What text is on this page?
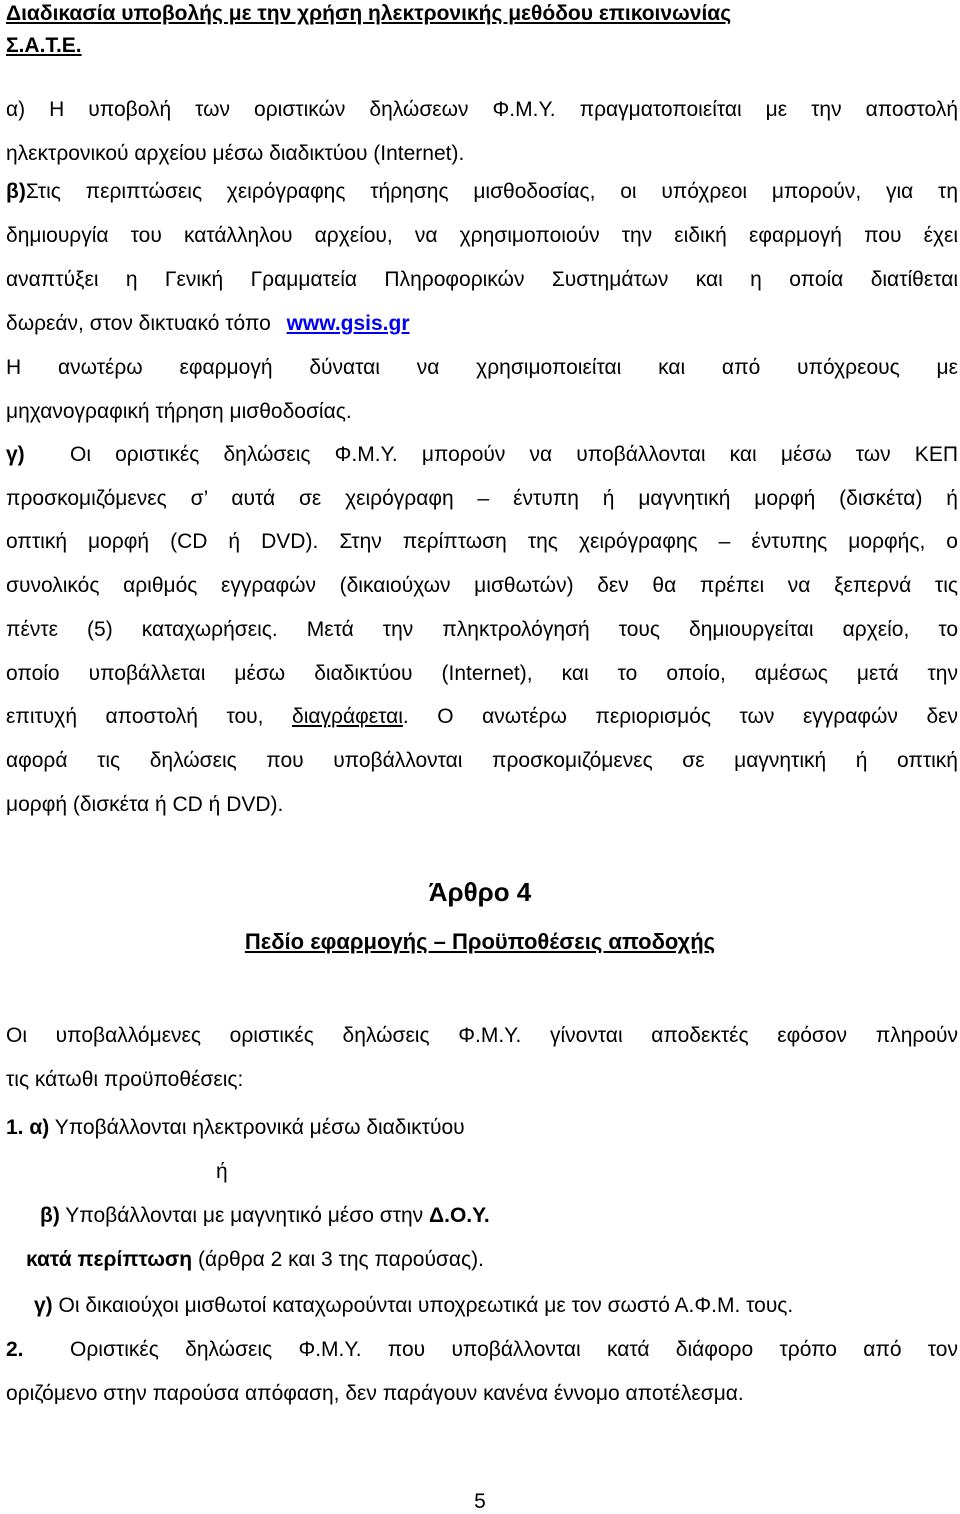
Διαδικασία υποβολής με την χρήση ηλεκτρονικής μεθόδου επικοινωνίας
Σ.Α.Τ.Ε.
α) Η υποβολή των οριστικών δηλώσεων Φ.Μ.Υ. πραγματοποιείται με την αποστολή
ηλεκτρονικού αρχείου μέσω διαδικτύου (Internet).
β)Στις περιπτώσεις χειρόγραφης τήρησης μισθοδοσίας, οι υπόχρεοι μπορούν, για τη
δημιουργία του κατάλληλου αρχείου, να χρησιμοποιούν την ειδική εφαρμογή που έχει
αναπτύξει η Γενική Γραμματεία Πληροφορικών Συστημάτων και η οποία διατίθεται
δωρεάν, στον δικτυακό τόπο www.gsis.gr
Η ανωτέρω εφαρμογή δύναται να χρησιμοποιείται και από υπόχρεους με
μηχανογραφική τήρηση μισθοδοσίας.
γ) Οι οριστικές δηλώσεις Φ.Μ.Υ. μπορούν να υποβάλλονται και μέσω των ΚΕΠ
προσκομιζόμενες σ’ αυτά σε χειρόγραφη – έντυπη ή μαγνητική μορφή (δισκέτα) ή
οπτική μορφή (CD ή DVD). Στην περίπτωση της χειρόγραφης – έντυπης μορφής, ο
συνολικός αριθμός εγγραφών (δικαιούχων μισθωτών) δεν θα πρέπει να ξεπερνά τις
πέντε (5) καταχωρήσεις. Μετά την πληκτρολόγησή τους δημιουργείται αρχείο, το
οποίο υποβάλλεται μέσω διαδικτύου (Internet), και το οποίο, αμέσως μετά την
επιτυχή αποστολή του, διαγράφεται. Ο ανωτέρω περιορισμός των εγγραφών δεν
αφορά τις δηλώσεις που υποβάλλονται προσκομιζόμενες σε μαγνητική ή οπτική
μορφή (δισκέτα ή CD ή DVD).
Άρθρο 4
Πεδίο εφαρμογής – Προϋποθέσεις αποδοχής
Οι υποβαλλόμενες οριστικές δηλώσεις Φ.Μ.Υ. γίνονται αποδεκτές εφόσον πληρούν
τις κάτωθι προϋποθέσεις:
1. α) Υποβάλλονται ηλεκτρονικά μέσω διαδικτύου
ή
β) Υποβάλλονται με μαγνητικό μέσο στην Δ.Ο.Υ.
κατά περίπτωση (άρθρα 2 και 3 της παρούσας).
γ) Οι δικαιούχοι μισθωτοί καταχωρούνται υποχρεωτικά με τον σωστό Α.Φ.Μ. τους.
2. Οριστικές δηλώσεις Φ.Μ.Υ. που υποβάλλονται κατά διάφορο τρόπο από τον
οριζόμενο στην παρούσα απόφαση, δεν παράγουν κανένα έννομο αποτέλεσμα.
5
